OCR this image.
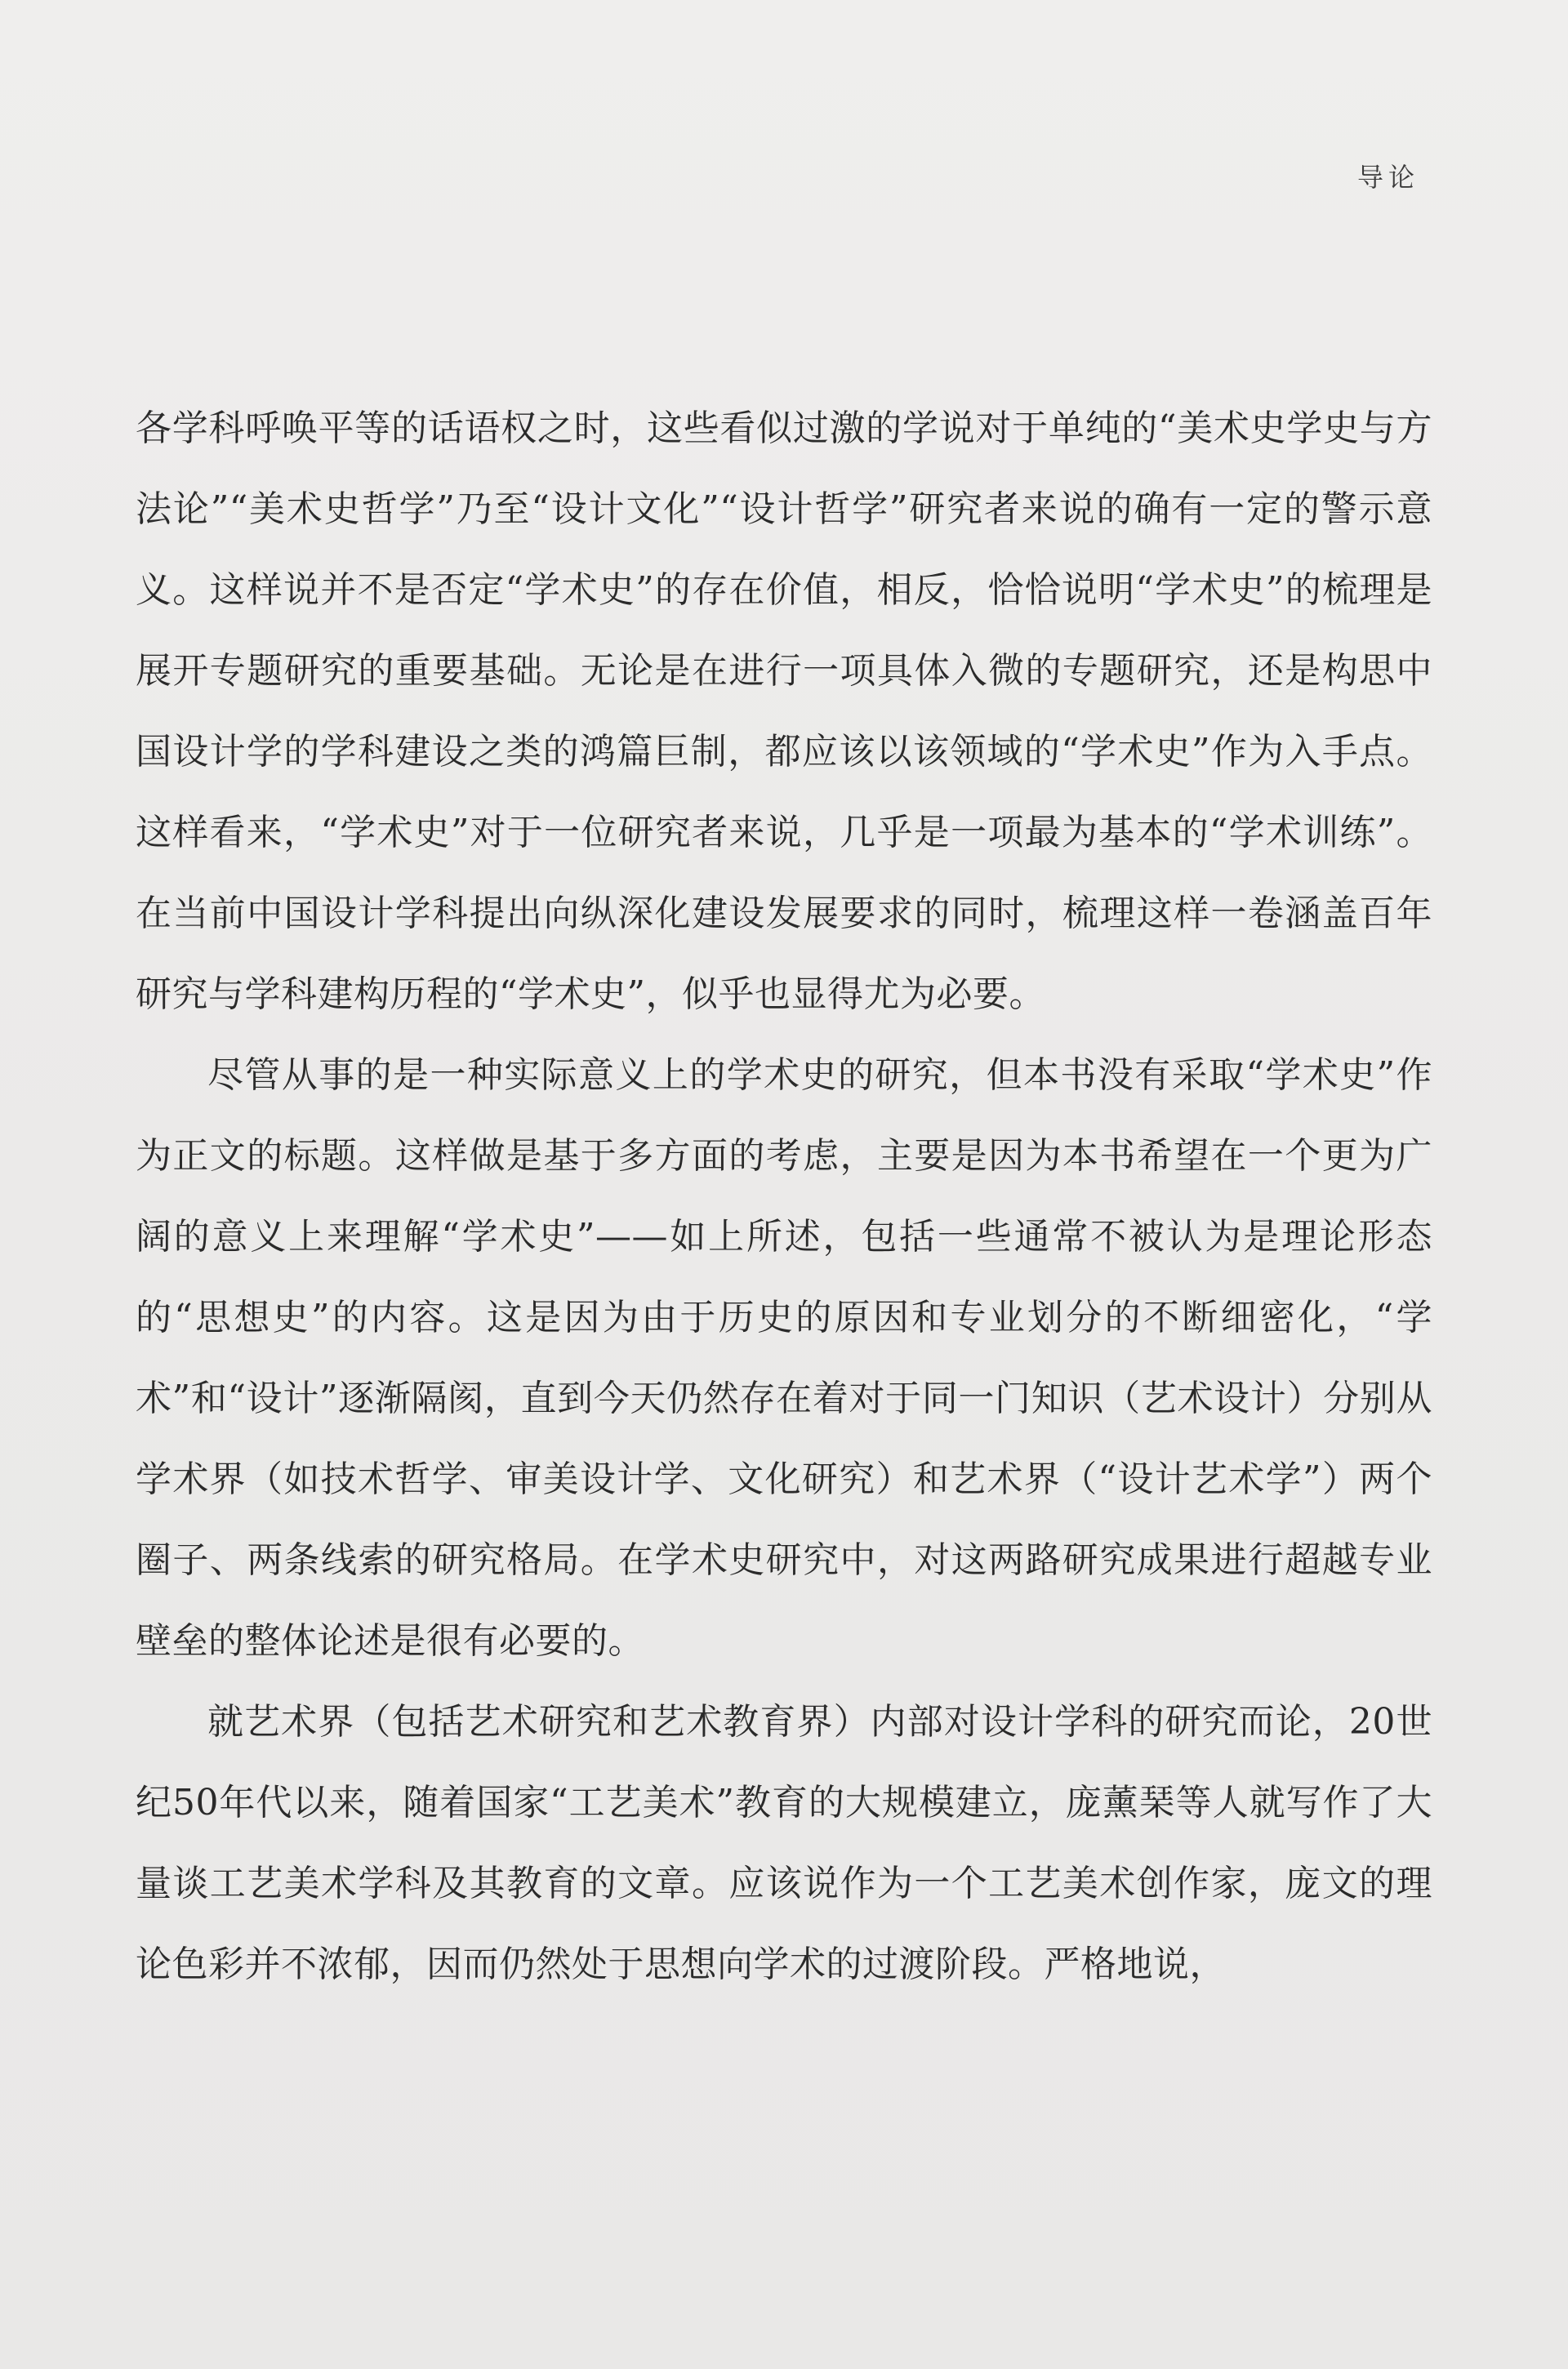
导论

各学科呼唤平等的话语权之时，这些看似过激的学说对于单纯的“美术史学史与方法论”“美术史哲学”乃至“设计文化”“设计哲学”研究者来说的确有一定的警示意义。这样说并不是否定“学术史”的存在价值，相反，恰恰说明“学术史”的梳理是展开专题研究的重要基础。无论是在进行一项具体入微的专题研究，还是构思中国设计学的学科建设之类的鸿篇巨制，都应该以该领域的“学术史”作为入手点。这样看来，“学术史”对于一位研究者来说，几乎是一项最为基本的“学术训练”。在当前中国设计学科提出向纵深化建设发展要求的同时，梳理这样一卷涵盖百年研究与学科建构历程的“学术史”，似乎也显得尤为必要。

尽管从事的是一种实际意义上的学术史的研究，但本书没有采取“学术史”作为正文的标题。这样做是基于多方面的考虑，主要是因为本书希望在一个更为广阔的意义上来理解“学术史”——如上所述，包括一些通常不被认为是理论形态的“思想史”的内容。这是因为由于历史的原因和专业划分的不断细密化，“学术”和“设计”逐渐隔阂，直到今天仍然存在着对于同一门知识（艺术设计）分别从学术界（如技术哲学、审美设计学、文化研究）和艺术界（“设计艺术学”）两个圈子、两条线索的研究格局。在学术史研究中，对这两路研究成果进行超越专业壁垒的整体论述是很有必要的。

就艺术界（包括艺术研究和艺术教育界）内部对设计学科的研究而论，20世纪50年代以来，随着国家“工艺美术”教育的大规模建立，庞薰琹等人就写作了大量谈工艺美术学科及其教育的文章。应该说作为一个工艺美术创作家，庞文的理论色彩并不浓郁，因而仍然处于思想向学术的过渡阶段。严格地说，
